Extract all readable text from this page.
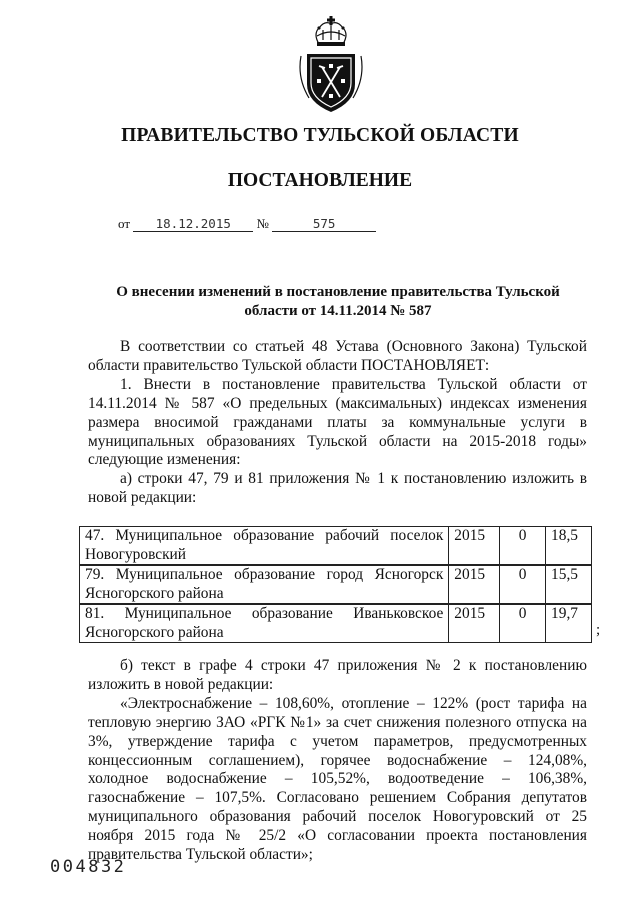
ПРАВИТЕЛЬСТВО ТУЛЬСКОЙ ОБЛАСТИ
ПОСТАНОВЛЕНИЕ
от 18.12.2015 №	575
О внесении изменений в постановление правительства Тульской области от 14.11.2014 № 587

В соответствии со статьей 48 Устава (Основного Закона) Тульской области правительство Тульской области ПОСТАНОВЛЯЕТ:

1. Внести в постановление правительства Тульской области от 14.11.2014 № 587 «О предельных (максимальных) индексах изменения размера вносимой гражданами платы за коммунальные услуги в муниципальных образованиях Тульской области на 2015-2018 годы» следующие изменения:

а) строки 47, 79 и 81 приложения № 1 к постановлению изложить в новой редакции:

47. Муниципальное образование рабочий поселок Новогуровский	2015	0	18,5
79. Муниципальное образование город Ясногорск Ясногорского района	2015	0	15,5
81. Муниципальное образование Иваньковское Ясногорского района	2015	0	19,7
;

б) текст в графе 4 строки 47 приложения № 2 к постановлению изложить в новой редакции:

«Электроснабжение – 108,60%, отопление – 122% (рост тарифа на тепловую энергию ЗАО «РГК №1» за счет снижения полезного отпуска на 3%, утверждение тарифа с учетом параметров, предусмотренных концессионным соглашением), горячее водоснабжение – 124,08%, холодное водоснабжение – 105,52%, водоотведение – 106,38%, газоснабжение – 107,5%. Согласовано решением Собрания депутатов муниципального образования рабочий поселок Новогуровский от 25 ноября 2015 года № 25/2 «О согласовании проекта постановления правительства Тульской области»;

004832
